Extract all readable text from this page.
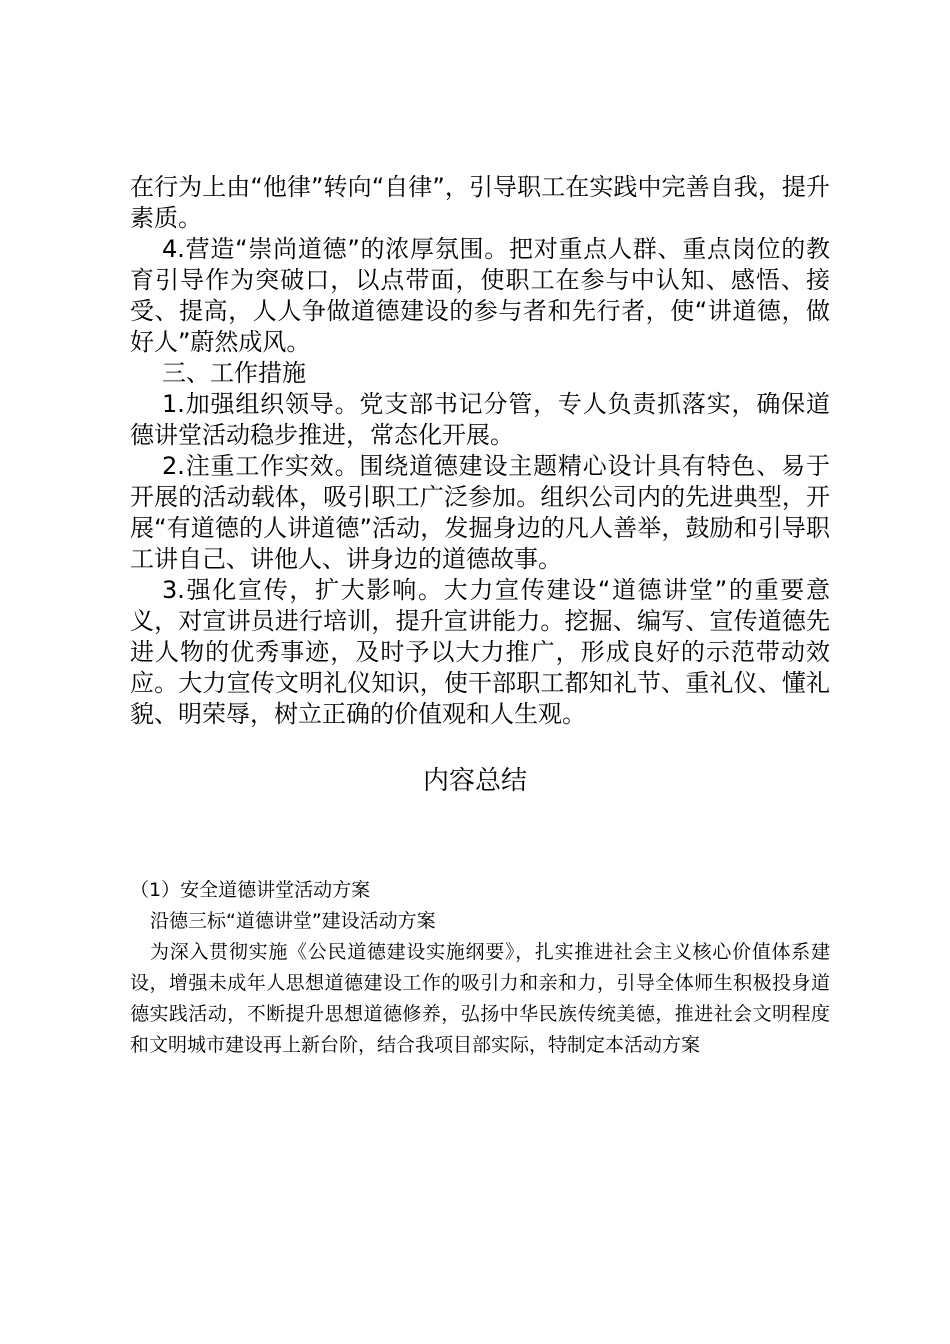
在行为上由“他律”转向“自律”，引导职工在实践中完善自我，提升素质。

4.营造“崇尚道德”的浓厚氛围。把对重点人群、重点岗位的教育引导作为突破口，以点带面，使职工在参与中认知、感悟、接受、提高，人人争做道德建设的参与者和先行者，使“讲道德，做好人”蔚然成风。

三、工作措施

1.加强组织领导。党支部书记分管，专人负责抓落实，确保道德讲堂活动稳步推进，常态化开展。

2.注重工作实效。围绕道德建设主题精心设计具有特色、易于开展的活动载体，吸引职工广泛参加。组织公司内的先进典型，开展“有道德的人讲道德”活动，发掘身边的凡人善举，鼓励和引导职工讲自己、讲他人、讲身边的道德故事。

3.强化宣传，扩大影响。大力宣传建设“道德讲堂”的重要意义，对宣讲员进行培训，提升宣讲能力。挖掘、编写、宣传道德先进人物的优秀事迹，及时予以大力推广，形成良好的示范带动效应。大力宣传文明礼仪知识，使干部职工都知礼节、重礼仪、懂礼貌、明荣辱，树立正确的价值观和人生观。

内容总结

（1）安全道德讲堂活动方案

沿德三标“道德讲堂”建设活动方案

为深入贯彻实施《公民道德建设实施纲要》，扎实推进社会主义核心价值体系建设，增强未成年人思想道德建设工作的吸引力和亲和力，引导全体师生积极投身道德实践活动，不断提升思想道德修养，弘扬中华民族传统美德，推进社会文明程度和文明城市建设再上新台阶，结合我项目部实际，特制定本活动方案
